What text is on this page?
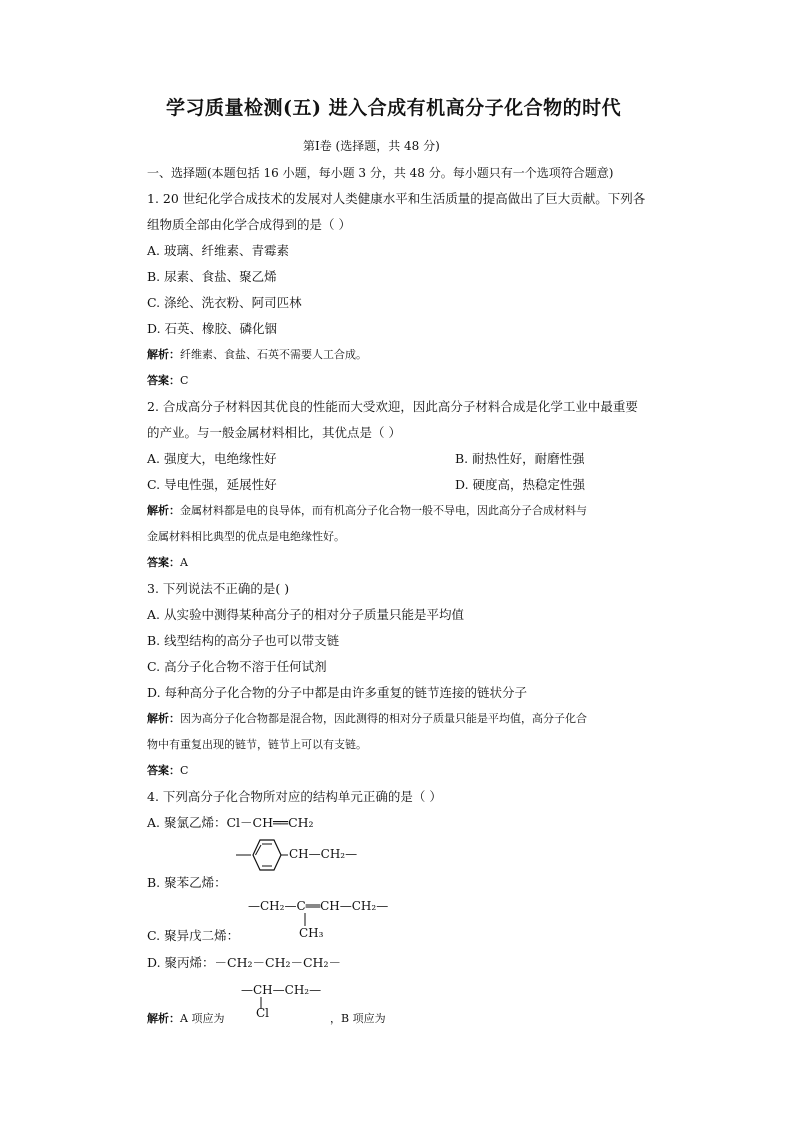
学习质量检测(五) 进入合成有机高分子化合物的时代
第Ⅰ卷 (选择题，共 48 分)
一、选择题(本题包括 16 小题，每小题 3 分，共 48 分。每小题只有一个选项符合题意)
1. 20 世纪化学合成技术的发展对人类健康水平和生活质量的提高做出了巨大贡献。下列各
组物质全部由化学合成得到的是（ ）
A. 玻璃、纤维素、青霉素
B. 尿素、食盐、聚乙烯
C. 涤纶、洗衣粉、阿司匹林
D. 石英、橡胶、磷化铟
解析：纤维素、食盐、石英不需要人工合成。
答案：C
2. 合成高分子材料因其优良的性能而大受欢迎，因此高分子材料合成是化学工业中最重要
的产业。与一般金属材料相比，其优点是（ ）
A. 强度大，电绝缘性好	B. 耐热性好，耐磨性强
C. 导电性强，延展性好	D. 硬度高，热稳定性强
解析：金属材料都是电的良导体，而有机高分子化合物一般不导电，因此高分子合成材料与
金属材料相比典型的优点是电绝缘性好。
答案：A
3. 下列说法不正确的是( )
A. 从实验中测得某种高分子的相对分子质量只能是平均值
B. 线型结构的高分子也可以带支链
C. 高分子化合物不溶于任何试剂
D. 每种高分子化合物的分子中都是由许多重复的链节连接的链状分子
解析：因为高分子化合物都是混合物，因此测得的相对分子质量只能是平均值，高分子化合
物中有重复出现的链节，链节上可以有支链。
答案：C
4. 下列高分子化合物所对应的结构单元正确的是（ ）
A. 聚氯乙烯：Cl－CH══CH₂
CH—CH₂—
B. 聚苯乙烯：
—CH₂—C══CH—CH₂—
CH₃
C. 聚异戊二烯：
D. 聚丙烯：－CH₂－CH₂－CH₂－
—CH—CH₂—
Cl
解析：A 项应为	，B 项应为
